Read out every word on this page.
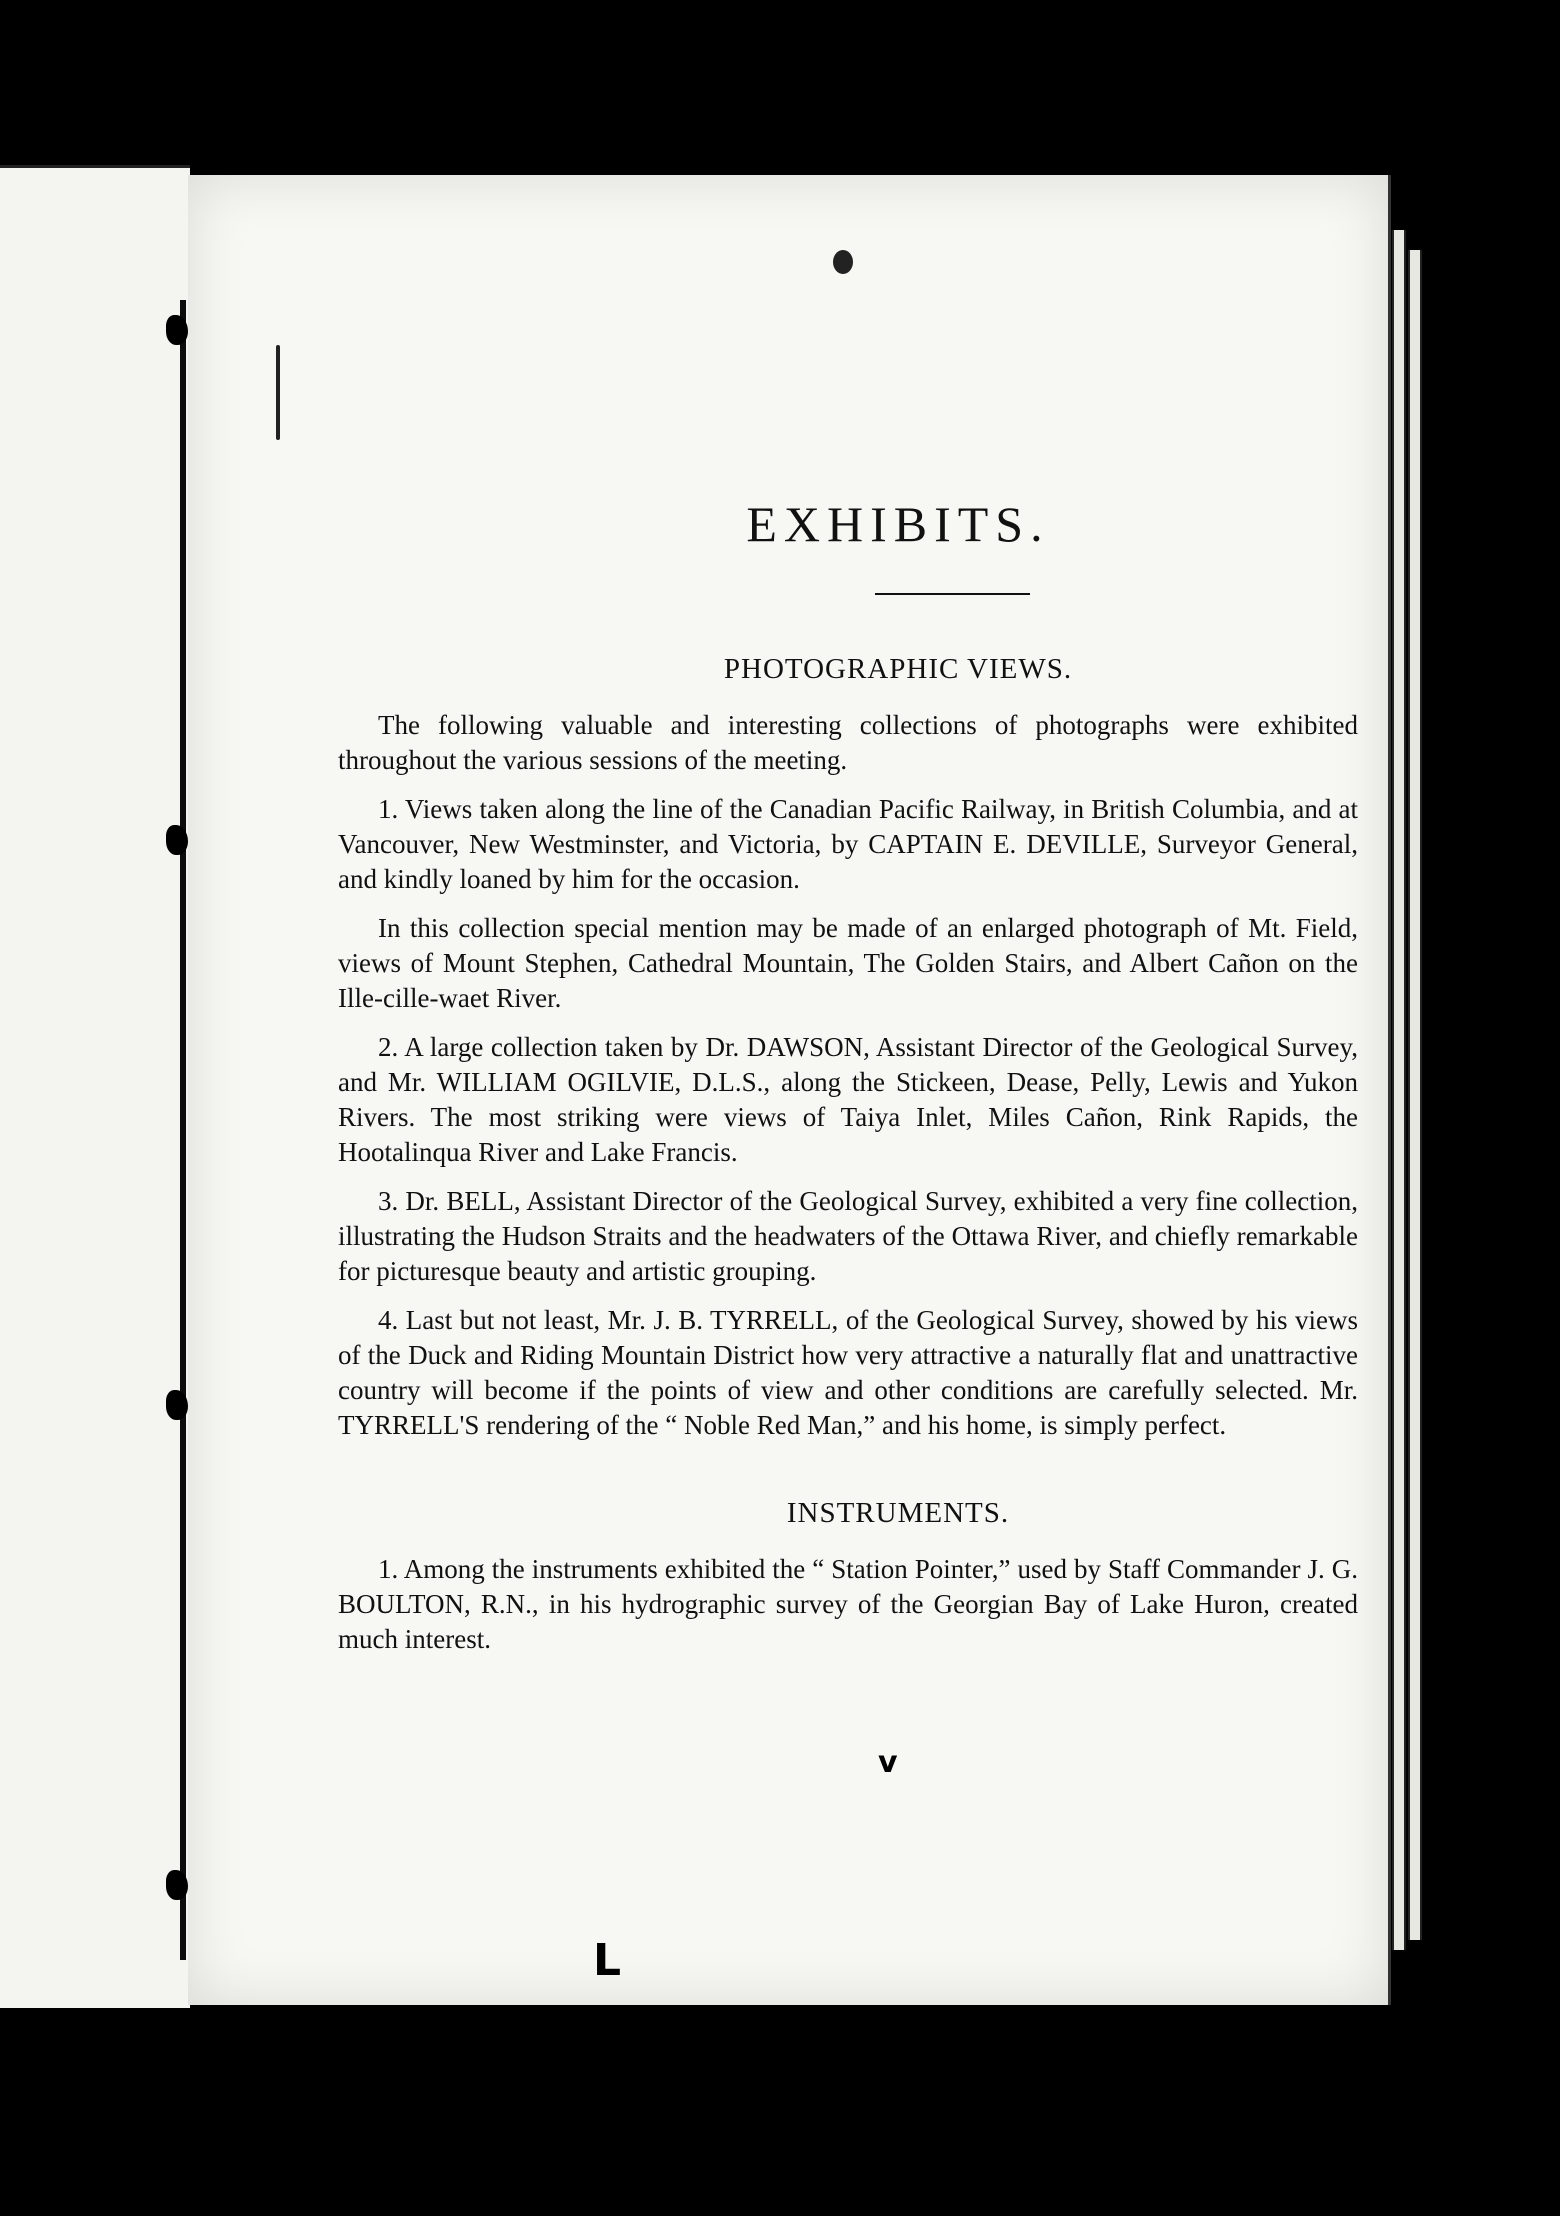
EXHIBITS.
PHOTOGRAPHIC VIEWS.

The following valuable and interesting collections of photographs were exhibited throughout the various sessions of the meeting.

1. Views taken along the line of the Canadian Pacific Railway, in British Columbia, and at Vancouver, New Westminster, and Victoria, by CAPTAIN E. DEVILLE, Surveyor General, and kindly loaned by him for the occasion.

In this collection special mention may be made of an enlarged photograph of Mt. Field, views of Mount Stephen, Cathedral Mountain, The Golden Stairs, and Albert Cañon on the Ille-cille-waet River.

2. A large collection taken by Dr. DAWSON, Assistant Director of the Geological Survey, and Mr. WILLIAM OGILVIE, D.L.S., along the Stickeen, Dease, Pelly, Lewis and Yukon Rivers. The most striking were views of Taiya Inlet, Miles Cañon, Rink Rapids, the Hootalinqua River and Lake Francis.

3. Dr. BELL, Assistant Director of the Geological Survey, exhibited a very fine collection, illustrating the Hudson Straits and the headwaters of the Ottawa River, and chiefly remarkable for picturesque beauty and artistic grouping.

4. Last but not least, Mr. J. B. TYRRELL, of the Geological Survey, showed by his views of the Duck and Riding Mountain District how very attractive a naturally flat and unattractive country will become if the points of view and other conditions are carefully selected. Mr. TYRRELL'S rendering of the “ Noble Red Man,” and his home, is simply perfect.

INSTRUMENTS.

1. Among the instruments exhibited the “ Station Pointer,” used by Staff Commander J. G. BOULTON, R.N., in his hydrographic survey of the Georgian Bay of Lake Huron, created much interest.

L
v
